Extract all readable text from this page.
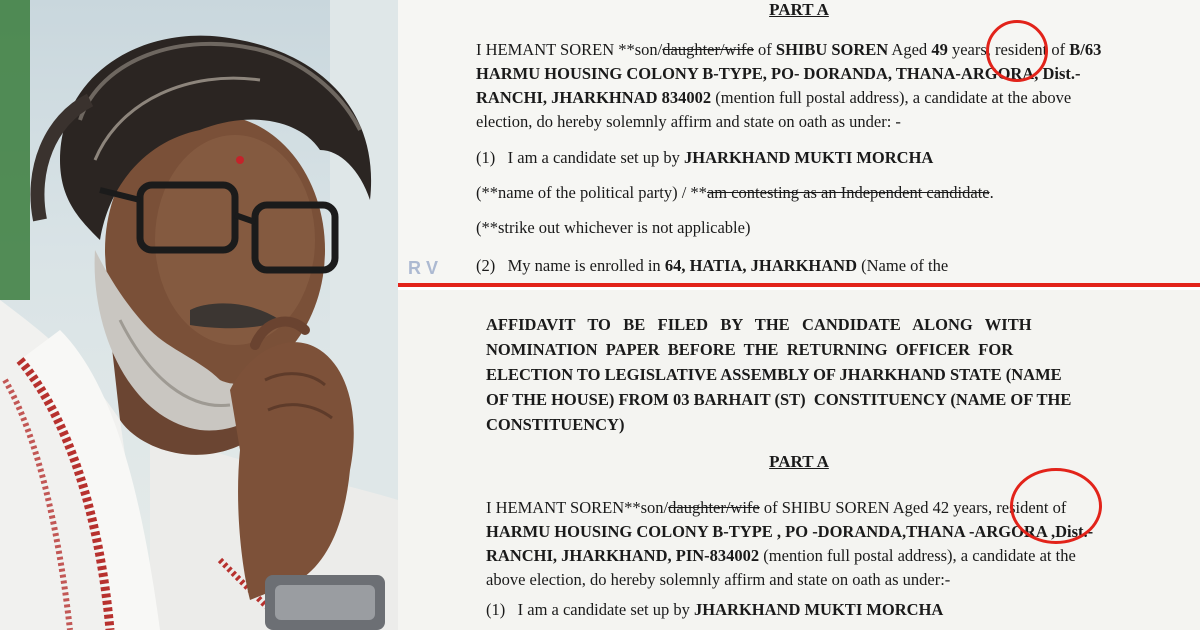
PART A
I HEMANT SOREN **son/daughter/wife of SHIBU SOREN Aged 49 years, resident of B/63
HARMU HOUSING COLONY B-TYPE, PO- DORANDA, THANA-ARGORA, Dist.-
RANCHI, JHARKHNAD 834002 (mention full postal address), a candidate at the above
election, do hereby solemnly affirm and state on oath as under: -
(1) I am a candidate set up by JHARKHAND MUKTI MORCHA
(**name of the political party) / **am contesting as an Independent candidate.
(**strike out whichever is not applicable)
(2) My name is enrolled in 64, HATIA, JHARKHAND (Name of the
R V
AFFIDAVIT   TO   BE   FILED   BY   THE   CANDIDATE   ALONG   WITH
NOMINATION  PAPER  BEFORE  THE  RETURNING  OFFICER  FOR
ELECTION TO LEGISLATIVE ASSEMBLY OF JHARKHAND STATE (NAME
OF THE HOUSE) FROM 03 BARHAIT (ST)  CONSTITUENCY (NAME OF THE
CONSTITUENCY)
PART A
I HEMANT SOREN**son/daughter/wife of SHIBU SOREN Aged 42 years, resident of
HARMU HOUSING COLONY B-TYPE , PO -DORANDA,THANA -ARGORA ,Dist.-
RANCHI, JHARKHAND, PIN-834002 (mention full postal address), a candidate at the
above election, do hereby solemnly affirm and state on oath as under:-
(1) I am a candidate set up by JHARKHAND MUKTI MORCHA
